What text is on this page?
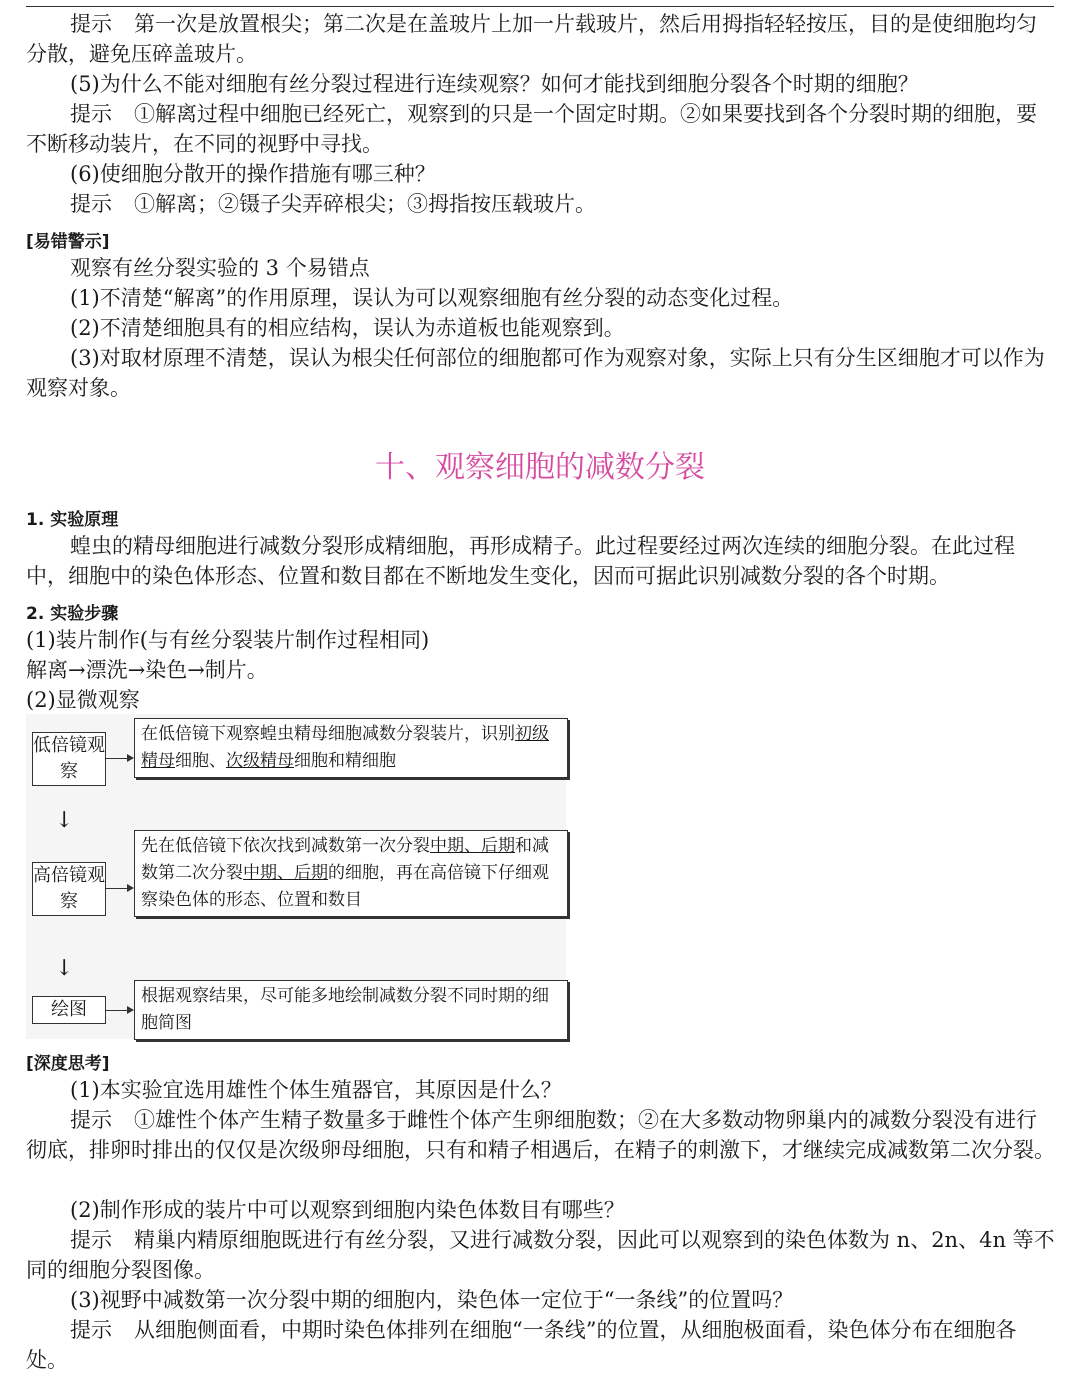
提示 第一次是放置根尖；第二次是在盖玻片上加一片载玻片，然后用拇指轻轻按压，目的是使细胞均匀分散，避免压碎盖玻片。
(5)为什么不能对细胞有丝分裂过程进行连续观察？如何才能找到细胞分裂各个时期的细胞？
提示 ①解离过程中细胞已经死亡，观察到的只是一个固定时期。②如果要找到各个分裂时期的细胞，要不断移动装片，在不同的视野中寻找。
(6)使细胞分散开的操作措施有哪三种？
提示 ①解离；②镊子尖弄碎根尖；③拇指按压载玻片。
[易错警示]
观察有丝分裂实验的 3 个易错点
(1)不清楚“解离”的作用原理，误认为可以观察细胞有丝分裂的动态变化过程。
(2)不清楚细胞具有的相应结构，误认为赤道板也能观察到。
(3)对取材原理不清楚，误认为根尖任何部位的细胞都可作为观察对象，实际上只有分生区细胞才可以作为观察对象。
十、观察细胞的减数分裂
1. 实验原理
蝗虫的精母细胞进行减数分裂形成精细胞，再形成精子。此过程要经过两次连续的细胞分裂。在此过程中，细胞中的染色体形态、位置和数目都在不断地发生变化，因而可据此识别减数分裂的各个时期。
2. 实验步骤
(1)装片制作(与有丝分裂装片制作过程相同)
解离→漂洗→染色→制片。
(2)显微观察
低倍镜观察
在低倍镜下观察蝗虫精母细胞减数分裂装片，识别初级精母细胞、次级精母细胞和精细胞
↓
高倍镜观察
先在低倍镜下依次找到减数第一次分裂中期、后期和减数第二次分裂中期、后期的细胞，再在高倍镜下仔细观察染色体的形态、位置和数目
↓
绘图
根据观察结果，尽可能多地绘制减数分裂不同时期的细胞简图
[深度思考]
(1)本实验宜选用雄性个体生殖器官，其原因是什么？
提示 ①雄性个体产生精子数量多于雌性个体产生卵细胞数；②在大多数动物卵巢内的减数分裂没有进行彻底，排卵时排出的仅仅是次级卵母细胞，只有和精子相遇后，在精子的刺激下，才继续完成减数第二次分裂。
(2)制作形成的装片中可以观察到细胞内染色体数目有哪些？
提示 精巢内精原细胞既进行有丝分裂，又进行减数分裂，因此可以观察到的染色体数为 n、2n、4n 等不同的细胞分裂图像。
(3)视野中减数第一次分裂中期的细胞内，染色体一定位于“一条线”的位置吗？
提示 从细胞侧面看，中期时染色体排列在细胞“一条线”的位置，从细胞极面看，染色体分布在细胞各处。
